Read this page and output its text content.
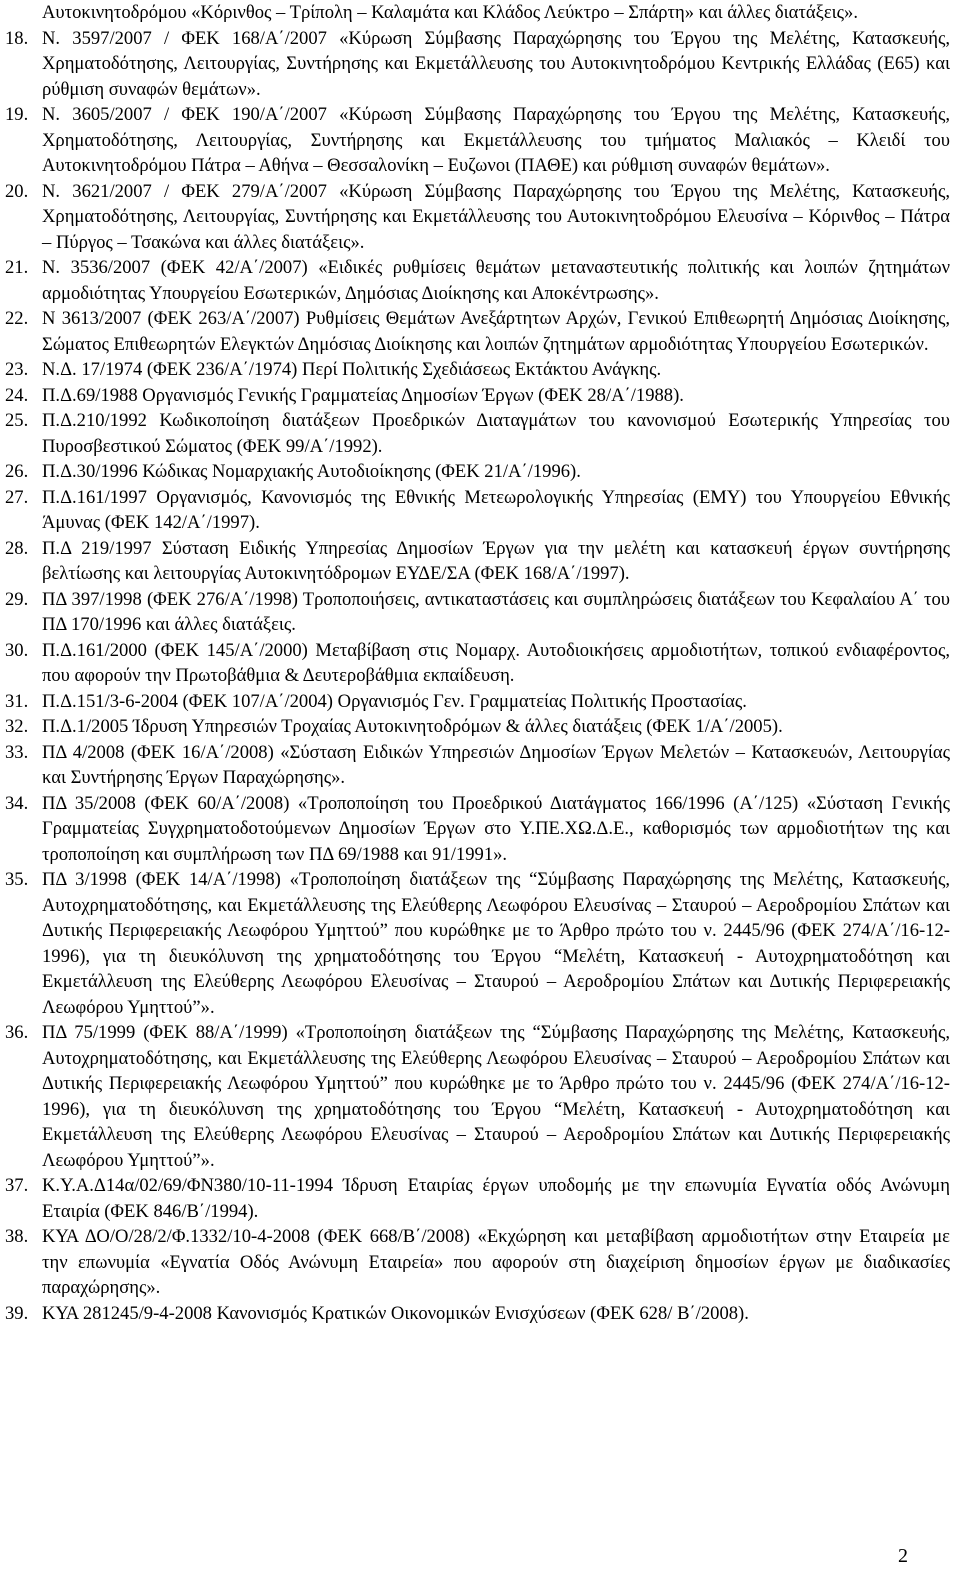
Αυτοκινητοδρόμου «Κόρινθος – Τρίπολη – Καλαμάτα και Κλάδος Λεύκτρο – Σπάρτη» και άλλες διατάξεις».
18. Ν. 3597/2007 / ΦΕΚ 168/Α΄/2007 «Κύρωση Σύμβασης Παραχώρησης του Έργου της Μελέτης, Κατασκευής, Χρηματοδότησης, Λειτουργίας, Συντήρησης και Εκμετάλλευσης του Αυτοκινητοδρόμου Κεντρικής Ελλάδας (Ε65) και ρύθμιση συναφών θεμάτων».
19. Ν. 3605/2007 / ΦΕΚ 190/Α΄/2007 «Κύρωση Σύμβασης Παραχώρησης του Έργου της Μελέτης, Κατασκευής, Χρηματοδότησης, Λειτουργίας, Συντήρησης και Εκμετάλλευσης του τμήματος Μαλιακός – Κλειδί του Αυτοκινητοδρόμου Πάτρα – Αθήνα – Θεσσαλονίκη – Ευζωνοι (ΠΑΘΕ) και ρύθμιση συναφών θεμάτων».
20. Ν. 3621/2007 / ΦΕΚ 279/Α΄/2007 «Κύρωση Σύμβασης Παραχώρησης του Έργου της Μελέτης, Κατασκευής, Χρηματοδότησης, Λειτουργίας, Συντήρησης και Εκμετάλλευσης του Αυτοκινητοδρόμου Ελευσίνα – Κόρινθος – Πάτρα – Πύργος – Τσακώνα και άλλες διατάξεις».
21. Ν. 3536/2007 (ΦΕΚ 42/Α΄/2007) «Ειδικές ρυθμίσεις θεμάτων μεταναστευτικής πολιτικής και λοιπών ζητημάτων αρμοδιότητας Υπουργείου Εσωτερικών, Δημόσιας Διοίκησης και Αποκέντρωσης».
22. Ν 3613/2007 (ΦΕΚ 263/Α΄/2007) Ρυθμίσεις Θεμάτων Ανεξάρτητων Αρχών, Γενικού Επιθεωρητή Δημόσιας Διοίκησης, Σώματος Επιθεωρητών Ελεγκτών Δημόσιας Διοίκησης και λοιπών ζητημάτων αρμοδιότητας Υπουργείου Εσωτερικών.
23. Ν.Δ. 17/1974 (ΦΕΚ 236/Α΄/1974) Περί Πολιτικής Σχεδιάσεως Εκτάκτου Ανάγκης.
24. Π.Δ.69/1988 Οργανισμός Γενικής Γραμματείας Δημοσίων Έργων (ΦΕΚ 28/Α΄/1988).
25. Π.Δ.210/1992 Κωδικοποίηση διατάξεων Προεδρικών Διαταγμάτων του κανονισμού Εσωτερικής Υπηρεσίας του Πυροσβεστικού Σώματος (ΦΕΚ 99/Α΄/1992).
26. Π.Δ.30/1996 Κώδικας Νομαρχιακής Αυτοδιοίκησης (ΦΕΚ 21/Α΄/1996).
27. Π.Δ.161/1997 Οργανισμός, Κανονισμός της Εθνικής Μετεωρολογικής Υπηρεσίας (ΕΜΥ) του Υπουργείου Εθνικής Άμυνας (ΦΕΚ 142/Α΄/1997).
28. Π.Δ 219/1997 Σύσταση Ειδικής Υπηρεσίας Δημοσίων Έργων για την μελέτη και κατασκευή έργων συντήρησης βελτίωσης και λειτουργίας Αυτοκινητόδρομων ΕΥΔΕ/ΣΑ (ΦΕΚ 168/Α΄/1997).
29. ΠΔ 397/1998 (ΦΕΚ 276/Α΄/1998) Τροποποιήσεις, αντικαταστάσεις και συμπληρώσεις διατάξεων του Κεφαλαίου Α΄ του ΠΔ 170/1996 και άλλες διατάξεις.
30. Π.Δ.161/2000 (ΦΕΚ 145/Α΄/2000) Μεταβίβαση στις Νομαρχ. Αυτοδιοικήσεις αρμοδιοτήτων, τοπικού ενδιαφέροντος, που αφορούν την Πρωτοβάθμια & Δευτεροβάθμια εκπαίδευση.
31. Π.Δ.151/3-6-2004 (ΦΕΚ 107/Α΄/2004) Οργανισμός Γεν. Γραμματείας Πολιτικής Προστασίας.
32. Π.Δ.1/2005 Ίδρυση Υπηρεσιών Τροχαίας Αυτοκινητοδρόμων & άλλες διατάξεις (ΦΕΚ 1/Α΄/2005).
33. ΠΔ 4/2008 (ΦΕΚ 16/Α΄/2008) «Σύσταση Ειδικών Υπηρεσιών Δημοσίων Έργων Μελετών – Κατασκευών, Λειτουργίας και Συντήρησης Έργων Παραχώρησης».
34. ΠΔ 35/2008 (ΦΕΚ 60/Α΄/2008) «Τροποποίηση του Προεδρικού Διατάγματος 166/1996 (Α΄/125) «Σύσταση Γενικής Γραμματείας Συγχρηματοδοτούμενων Δημοσίων Έργων στο Υ.ΠΕ.ΧΩ.Δ.Ε., καθορισμός των αρμοδιοτήτων της και τροποποίηση και συμπλήρωση των ΠΔ 69/1988 και 91/1991».
35. ΠΔ 3/1998 (ΦΕΚ 14/Α΄/1998) «Τροποποίηση διατάξεων της “Σύμβασης Παραχώρησης της Μελέτης, Κατασκευής, Αυτοχρηματοδότησης, και Εκμετάλλευσης της Ελεύθερης Λεωφόρου Ελευσίνας – Σταυρού – Αεροδρομίου Σπάτων και Δυτικής Περιφερειακής Λεωφόρου Υμηττού” που κυρώθηκε με το Άρθρο πρώτο του ν. 2445/96 (ΦΕΚ 274/Α΄/16-12-1996), για τη διευκόλυνση της χρηματοδότησης του Έργου “Μελέτη, Κατασκευή - Αυτοχρηματοδότηση και Εκμετάλλευση της Ελεύθερης Λεωφόρου Ελευσίνας – Σταυρού – Αεροδρομίου Σπάτων και Δυτικής Περιφερειακής Λεωφόρου Υμηττού”».
36. ΠΔ 75/1999 (ΦΕΚ 88/Α΄/1999) «Τροποποίηση διατάξεων της “Σύμβασης Παραχώρησης της Μελέτης, Κατασκευής, Αυτοχρηματοδότησης, και Εκμετάλλευσης της Ελεύθερης Λεωφόρου Ελευσίνας – Σταυρού – Αεροδρομίου Σπάτων και Δυτικής Περιφερειακής Λεωφόρου Υμηττού” που κυρώθηκε με το Άρθρο πρώτο του ν. 2445/96 (ΦΕΚ 274/Α΄/16-12-1996), για τη διευκόλυνση της χρηματοδότησης του Έργου “Μελέτη, Κατασκευή - Αυτοχρηματοδότηση και Εκμετάλλευση της Ελεύθερης Λεωφόρου Ελευσίνας – Σταυρού – Αεροδρομίου Σπάτων και Δυτικής Περιφερειακής Λεωφόρου Υμηττού”».
37. Κ.Υ.Α.Δ14α/02/69/ΦΝ380/10-11-1994 Ίδρυση Εταιρίας έργων υποδομής με την επωνυμία Εγνατία οδός Ανώνυμη Εταιρία (ΦΕΚ 846/Β΄/1994).
38. ΚΥΑ ΔΟ/Ο/28/2/Φ.1332/10-4-2008 (ΦΕΚ 668/Β΄/2008) «Εκχώρηση και μεταβίβαση αρμοδιοτήτων στην Εταιρεία με την επωνυμία «Εγνατία Οδός Ανώνυμη Εταιρεία» που αφορούν στη διαχείριση δημοσίων έργων με διαδικασίες παραχώρησης».
39. ΚΥΑ 281245/9-4-2008 Κανονισμός Κρατικών Οικονομικών Ενισχύσεων (ΦΕΚ 628/ Β΄/2008).
2
